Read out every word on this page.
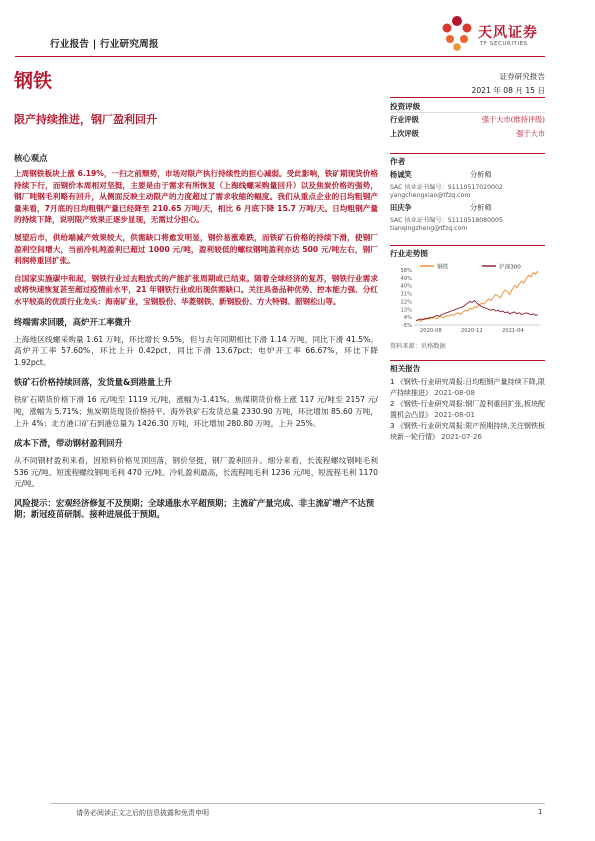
行业报告 | 行业研究周报
天风证券
TF SECURITIES
钢铁	证券研究报告
2021 年 08 月 15 日
限产持续推进，钢厂盈利回升
投资评级
行业评级	强于大市(维持评级)
上次评级	强于大市
作者
杨诚笑	分析师
SAC 执业证书编号：S1110517020002
yangchengxiao@tfzq.com
田庆争	分析师
SAC 执业证书编号：S1110518080005
tianqingzheng@tfzq.com
行业走势图
钢铁	沪深300
58%
49%
40%
31%
22%
13%
4%
-5%
2020-08	2020-12	2021-04
资料来源：贝格数据
相关报告
1 《钢铁-行业研究周报:日均粗钢产量持续下降,限产持续推进》 2021-08-08
2 《钢铁-行业研究周报:钢厂盈利重回扩张,板块配置机会凸显》 2021-08-01
3 《钢铁-行业研究周报:限产预期持续,关注钢铁板块新一轮行情》 2021-07-26
核心观点
上周钢铁板块上涨 6.19%，一扫之前颓势，市场对限产执行持续性的担心减弱。受此影响，铁矿期现货价格持续下行，而钢价本周相对坚挺，主要是由于需求有所恢复（上海线螺采购量回升）以及焦炭价格的强势，钢厂吨钢毛利略有回升，从侧面反映主动限产的力度超过了需求收缩的幅度。我们从重点企业的日均粗钢产量来看，7月底的日均粗钢产量已经降至 210.65 万吨/天，相比 6 月底下降 15.7 万吨/天。日均粗钢产量的持续下降，说明限产效果正逐步显现，无需过分担心。
展望后市，供给端减产效果较大，供需缺口将愈发明显，钢价易涨难跌，而铁矿石价格的持续下滑，使钢厂盈利空间增大，当前冷轧吨盈利已超过 1000 元/吨，盈利较低的螺纹钢吨盈利亦达 500 元/吨左右，钢厂利润将重回扩张。
自国家实施碳中和起，钢铁行业过去粗放式的产能扩张周期或已结束。随着全球经济的复苏，钢铁行业需求或将快速恢复甚至超过疫情前水平，21 年钢铁行业或出现供需缺口。关注具备品种优势、控本能力强、分红水平较高的优质行业龙头：海南矿业，宝钢股份、华菱钢铁、新钢股份、方大特钢、韶钢松山等。
终端需求回暖，高炉开工率微升
上海地区线螺采购量 1.61 万吨，环比增长 9.5%，但与去年同期相比下滑 1.14 万吨，同比下滑 41.5%。高炉开工率 57.60%，环比上升 0.42pct，同比下滑 13.67pct；电炉开工率 66.67%，环比下降 1.92pct。
铁矿石价格持续回落，发货量&到港量上升
铁矿石期货价格下滑 16 元/吨至 1119 元/吨，涨幅为-1.41%。焦煤期货价格上涨 117 元/吨至 2157 元/吨，涨幅为 5.71%；焦炭期货现货价格持平。海外铁矿石发货总量 2330.90 万吨，环比增加 85.60 万吨，上升 4%；北方港口矿石到港总量为 1426.30 万吨，环比增加 280.80 万吨，上升 25%。
成本下滑，带动钢材盈利回升
从不同钢材盈利来看，因原料价格见顶回落，钢价坚挺，钢厂盈利回升。细分来看，长流程螺纹钢吨毛利 536 元/吨、短流程螺纹钢吨毛利 470 元/吨。冷轧盈利最高，长流程吨毛利 1236 元/吨、短流程毛利 1170 元/吨。
风险提示：宏观经济修复不及预期；全球通胀水平超预期；主流矿产量完成、非主流矿增产不达预期；新冠疫苗研制、接种进展低于预期。
请务必阅读正文之后的信息披露和免责申明	1
